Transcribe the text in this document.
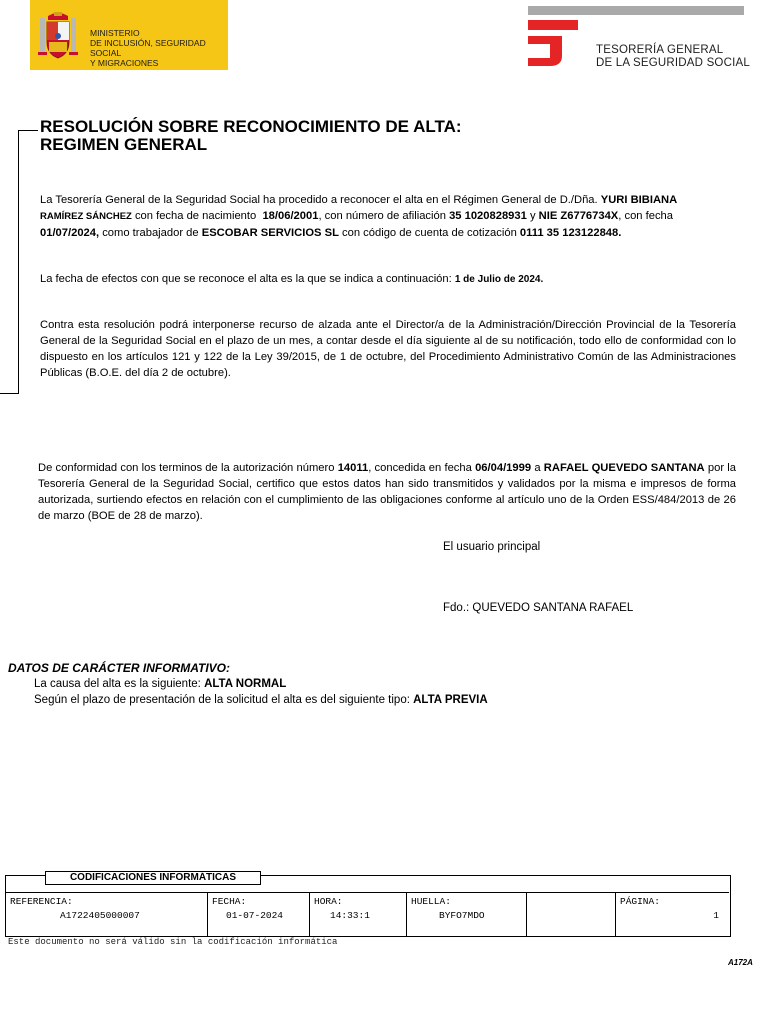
MINISTERIO
DE INCLUSIÓN, SEGURIDAD SOCIAL
Y MIGRACIONES
TESORERÍA GENERAL
DE LA SEGURIDAD SOCIAL
RESOLUCIÓN SOBRE RECONOCIMIENTO DE ALTA:
REGIMEN GENERAL
La Tesorería General de la Seguridad Social ha procedido a reconocer el alta en el Régimen General de D./Dña. YURI BIBIANA
RAMÍREZ SÁNCHEZ con fecha de nacimiento  18/06/2001, con número de afiliación 35 1020828931 y NIE Z6776734X, con fecha
01/07/2024, como trabajador de ESCOBAR SERVICIOS SL con código de cuenta de cotización 0111 35 123122848.
La fecha de efectos con que se reconoce el alta es la que se indica a continuación: 1 de Julio de 2024.
Contra esta resolución podrá interponerse recurso de alzada ante el Director/a de la Administración/Dirección Provincial de la Tesorería General de la Seguridad Social en el plazo de un mes, a contar desde el día siguiente al de su notificación, todo ello de conformidad con lo dispuesto en los artículos 121 y 122 de la Ley 39/2015, de 1 de octubre, del Procedimiento Administrativo Común de las Administraciones Públicas (B.O.E. del día 2 de octubre).
De conformidad con los terminos de la autorización número 14011, concedida en fecha 06/04/1999 a RAFAEL QUEVEDO SANTANA por la Tesorería General de la Seguridad Social, certifico que estos datos han sido transmitidos y validados por la misma e impresos de forma autorizada, surtiendo efectos en relación con el cumplimiento de las obligaciones conforme al artículo uno de la Orden ESS/484/2013 de 26 de marzo (BOE de 28 de marzo).
El usuario principal
Fdo.: QUEVEDO SANTANA RAFAEL
DATOS DE CARÁCTER INFORMATIVO:
La causa del alta es la siguiente: ALTA NORMAL
Según el plazo de presentación de la solicitud el alta es del siguiente tipo: ALTA PREVIA
CODIFICACIONES INFORMÁTICAS
REFERENCIA:
A1722405000007
FECHA:
01-07-2024
HORA:
14:33:1
HUELLA:
BYFO7MDO
PÁGINA:
1
Este documento no será válido sin la codificación informática
A172A
